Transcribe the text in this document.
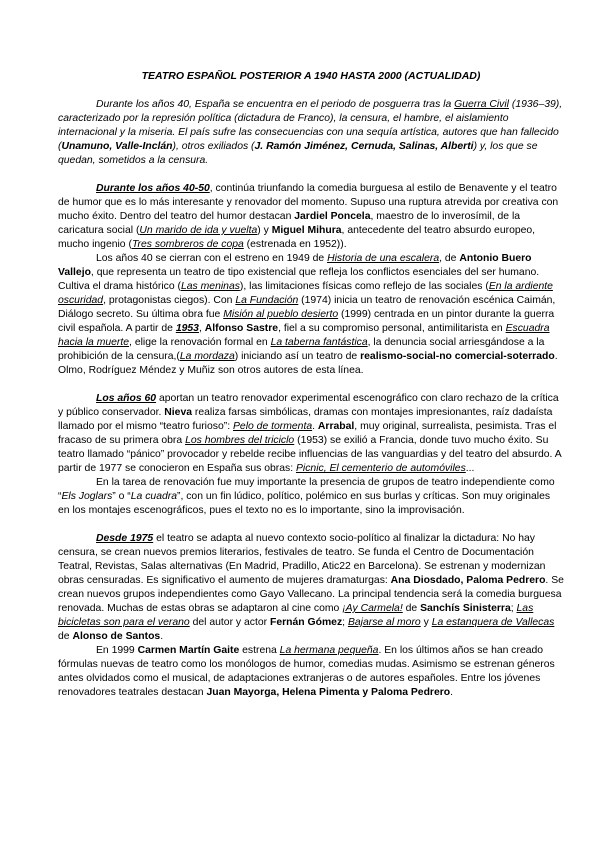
TEATRO ESPAÑOL POSTERIOR A 1940 HASTA 2000 (ACTUALIDAD)

Durante los años 40, España se encuentra en el periodo de posguerra tras la Guerra Civil (1936–39), caracterizado por la represión política (dictadura de Franco), la censura, el hambre, el aislamiento internacional y la miseria. El país sufre las consecuencias con una sequía artística, autores que han fallecido (Unamuno, Valle-Inclán), otros exiliados (J. Ramón Jiménez, Cernuda, Salinas, Alberti) y, los que se quedan, sometidos a la censura.

Durante los años 40-50, continúa triunfando la comedia burguesa al estilo de Benavente y el teatro de humor que es lo más interesante y renovador del momento. Supuso una ruptura atrevida por creativa con mucho éxito. Dentro del teatro del humor destacan Jardiel Poncela, maestro de lo inverosímil, de la caricatura social (Un marido de ida y vuelta) y Miguel Mihura, antecedente del teatro absurdo europeo, mucho ingenio (Tres sombreros de copa (estrenada en 1952)).

Los años 40 se cierran con el estreno en 1949 de Historia de una escalera, de Antonio Buero Vallejo, que representa un teatro de tipo existencial que refleja los conflictos esenciales del ser humano. Cultiva el drama histórico (Las meninas), las limitaciones físicas como reflejo de las sociales (En la ardiente oscuridad, protagonistas ciegos). Con La Fundación (1974) inicia un teatro de renovación escénica Caimán, Diálogo secreto. Su última obra fue Misión al pueblo desierto (1999) centrada en un pintor durante la guerra civil española. A partir de 1953, Alfonso Sastre, fiel a su compromiso personal, antimilitarista en Escuadra hacia la muerte, elige la renovación formal en La taberna fantástica, la denuncia social arriesgándose a la prohibición de la censura,(La mordaza) iniciando así un teatro de realismo-social-no comercial-soterrado. Olmo, Rodríguez Méndez y Muñiz son otros autores de esta línea.

Los años 60 aportan un teatro renovador experimental escenográfico con claro rechazo de la crítica y público conservador. Nieva realiza farsas simbólicas, dramas con montajes impresionantes, raíz dadaísta llamado por el mismo “teatro furioso”: Pelo de tormenta. Arrabal, muy original, surrealista, pesimista. Tras el fracaso de su primera obra Los hombres del triciclo (1953) se exilió a Francia, donde tuvo mucho éxito. Su teatro llamado “pánico” provocador y rebelde recibe influencias de las vanguardias y del teatro del absurdo. A partir de 1977 se conocieron en España sus obras: Picnic, El cementerio de automóviles...

En la tarea de renovación fue muy importante la presencia de grupos de teatro independiente como “Els Joglars” o “La cuadra”, con un fin lúdico, político, polémico en sus burlas y críticas. Son muy originales en los montajes escenográficos, pues el texto no es lo importante, sino la improvisación.

Desde 1975 el teatro se adapta al nuevo contexto socio-político al finalizar la dictadura: No hay censura, se crean nuevos premios literarios, festivales de teatro. Se funda el Centro de Documentación Teatral, Revistas, Salas alternativas (En Madrid, Pradillo, Atic22 en Barcelona). Se estrenan y modernizan obras censuradas. Es significativo el aumento de mujeres dramaturgas: Ana Diosdado, Paloma Pedrero. Se crean nuevos grupos independientes como Gayo Vallecano. La principal tendencia será la comedia burguesa renovada. Muchas de estas obras se adaptaron al cine como ¡Ay Carmela! de Sanchís Sinisterra; Las bicicletas son para el verano del autor y actor Fernán Gómez; Bajarse al moro y La estanquera de Vallecas de Alonso de Santos.

En 1999 Carmen Martín Gaite estrena La hermana pequeña. En los últimos años se han creado fórmulas nuevas de teatro como los monólogos de humor, comedias mudas. Asimismo se estrenan géneros antes olvidados como el musical, de adaptaciones extranjeras o de autores españoles. Entre los jóvenes renovadores teatrales destacan Juan Mayorga, Helena Pimenta y Paloma Pedrero.
